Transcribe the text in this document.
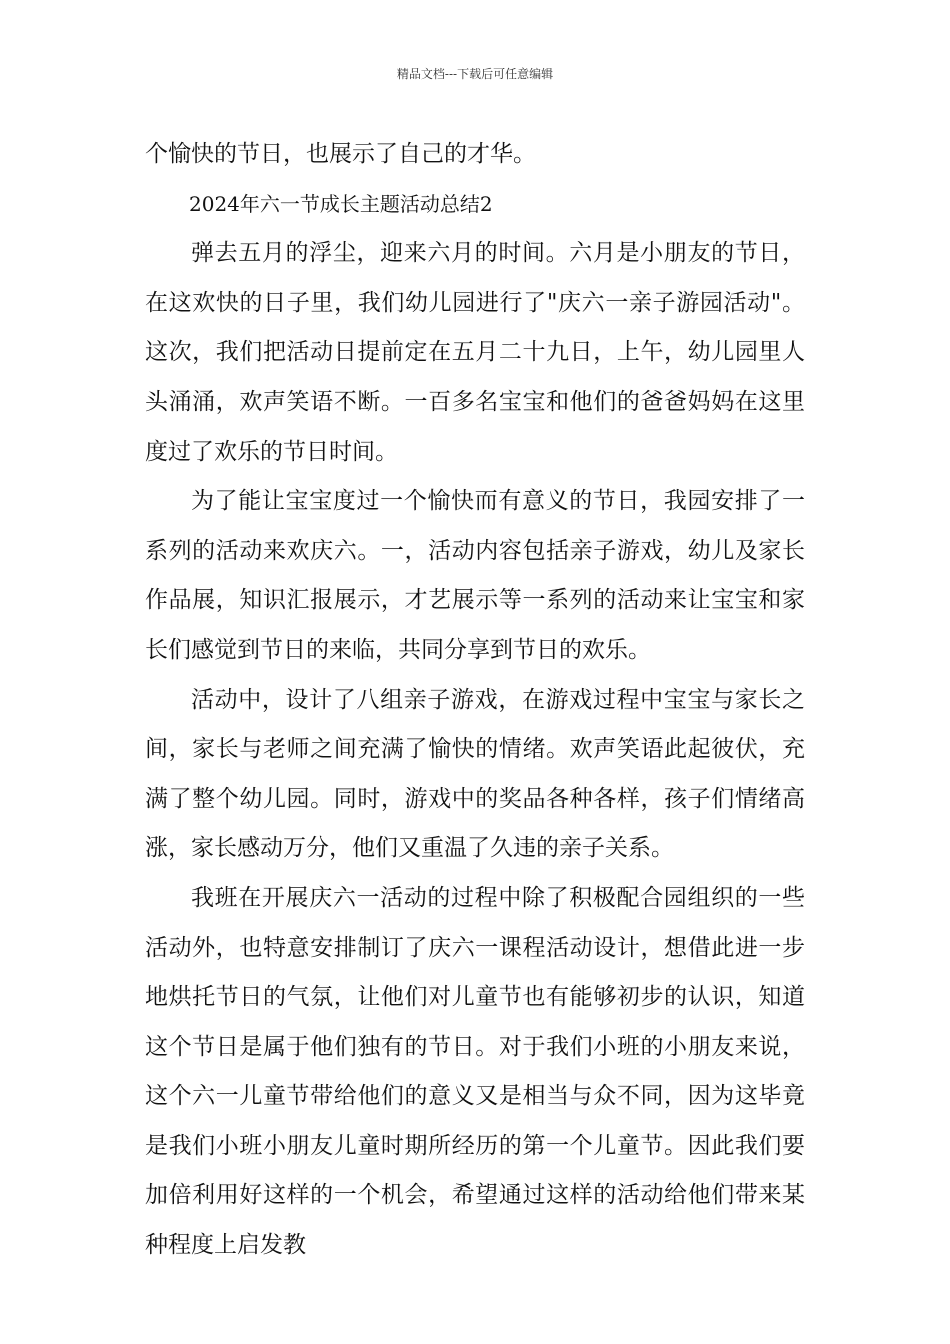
精品文档---下载后可任意编辑

个愉快的节日，也展示了自己的才华。

2024年六一节成长主题活动总结2

弹去五月的浮尘，迎来六月的时间。六月是小朋友的节日，在这欢快的日子里，我们幼儿园进行了"庆六一亲子游园活动"。这次，我们把活动日提前定在五月二十九日，上午，幼儿园里人头涌涌，欢声笑语不断。一百多名宝宝和他们的爸爸妈妈在这里度过了欢乐的节日时间。

为了能让宝宝度过一个愉快而有意义的节日，我园安排了一系列的活动来欢庆六。一，活动内容包括亲子游戏，幼儿及家长作品展，知识汇报展示，才艺展示等一系列的活动来让宝宝和家长们感觉到节日的来临，共同分享到节日的欢乐。

活动中，设计了八组亲子游戏，在游戏过程中宝宝与家长之间，家长与老师之间充满了愉快的情绪。欢声笑语此起彼伏，充满了整个幼儿园。同时，游戏中的奖品各种各样，孩子们情绪高涨，家长感动万分，他们又重温了久违的亲子关系。

我班在开展庆六一活动的过程中除了积极配合园组织的一些活动外，也特意安排制订了庆六一课程活动设计，想借此进一步地烘托节日的气氛，让他们对儿童节也有能够初步的认识，知道这个节日是属于他们独有的节日。对于我们小班的小朋友来说，这个六一儿童节带给他们的意义又是相当与众不同，因为这毕竟是我们小班小朋友儿童时期所经历的第一个儿童节。因此我们要加倍利用好这样的一个机会，希望通过这样的活动给他们带来某种程度上启发教
